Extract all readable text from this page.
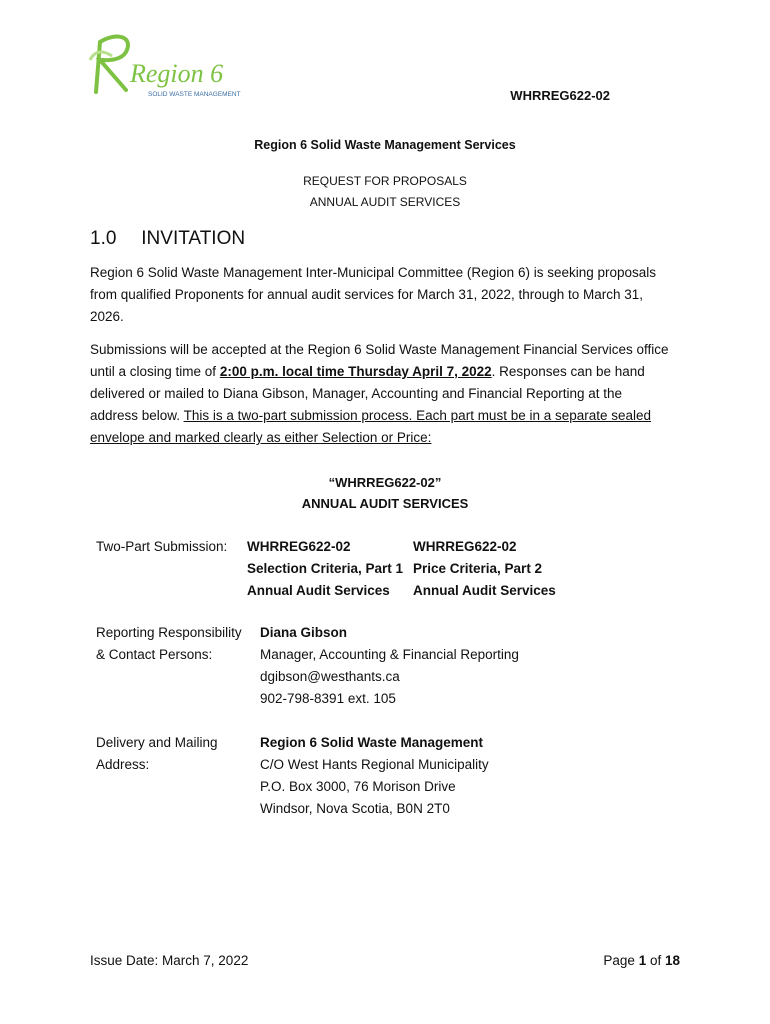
Region 6
SOLID WASTE MANAGEMENT	WHRREG622-02
Region 6 Solid Waste Management Services
REQUEST FOR PROPOSALS
ANNUAL AUDIT SERVICES
1.0 INVITATION
Region 6 Solid Waste Management Inter-Municipal Committee (Region 6) is seeking proposals
from qualified Proponents for annual audit services for March 31, 2022, through to March 31,
2026.
Submissions will be accepted at the Region 6 Solid Waste Management Financial Services office
until a closing time of 2:00 p.m. local time Thursday April 7, 2022. Responses can be hand
delivered or mailed to Diana Gibson, Manager, Accounting and Financial Reporting at the
address below. This is a two-part submission process. Each part must be in a separate sealed
envelope and marked clearly as either Selection or Price:
“WHRREG622-02”
ANNUAL AUDIT SERVICES
Two-Part Submission: WHRREG622-02
Selection Criteria, Part 1
Annual Audit Services
WHRREG622-02
Price Criteria, Part 2
Annual Audit Services
Reporting Responsibility
& Contact Persons:
Diana Gibson
Manager, Accounting & Financial Reporting
dgibson@westhants.ca
902-798-8391 ext. 105
Delivery and Mailing
Address:
Region 6 Solid Waste Management
C/O West Hants Regional Municipality
P.O. Box 3000, 76 Morison Drive
Windsor, Nova Scotia, B0N 2T0
Issue Date: March 7, 2022	Page 1 of 18
